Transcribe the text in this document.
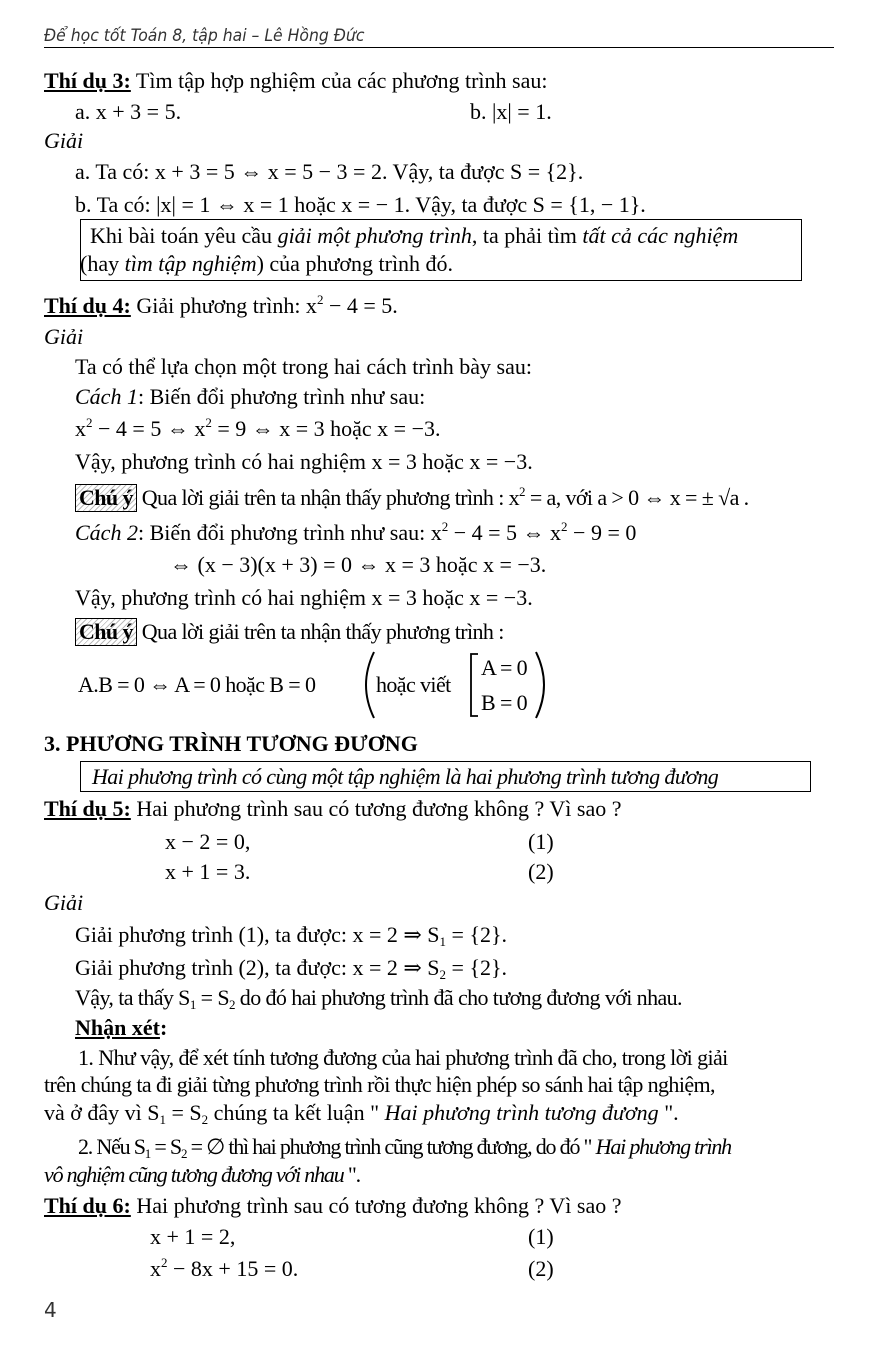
Để học tốt Toán 8, tập hai – Lê Hồng Đức
Thí dụ 3: Tìm tập hợp nghiệm của các phương trình sau:
a. x + 3 = 5.	b. |x| = 1.
Giải
a. Ta có: x + 3 = 5 ⇔ x = 5 − 3 = 2. Vậy, ta được S = {2}.
b. Ta có: |x| = 1 ⇔ x = 1 hoặc x = − 1. Vậy, ta được S = {1, − 1}.
Khi bài toán yêu cầu giải một phương trình, ta phải tìm tất cả các nghiệm
(hay tìm tập nghiệm) của phương trình đó.
Thí dụ 4: Giải phương trình: $x^2 - 4 = 5$.
Giải
Ta có thể lựa chọn một trong hai cách trình bày sau:
Cách 1: Biến đổi phương trình như sau:
$x^2 - 4 = 5$ ⇔ $x^2 = 9$ ⇔ x = 3 hoặc x = −3.
Vậy, phương trình có hai nghiệm x = 3 hoặc x = −3.
Chú ý Qua lời giải trên ta nhận thấy phương trình : $x^2 = a$, với a > 0 ⇔ x = ± √a .
Cách 2: Biến đổi phương trình như sau: $x^2 - 4 = 5$ ⇔ $x^2 - 9 = 0$
⇔ (x − 3)(x + 3) = 0 ⇔ x = 3 hoặc x = −3.
Vậy, phương trình có hai nghiệm x = 3 hoặc x = −3.
Chú ý Qua lời giải trên ta nhận thấy phương trình :
A.B = 0 ⇔ A = 0 hoặc B = 0	hoặc viết
A = 0
B = 0
3. PHƯƠNG TRÌNH TƯƠNG ĐƯƠNG
Hai phương trình có cùng một tập nghiệm là hai phương trình tương đương
Thí dụ 5: Hai phương trình sau có tương đương không ? Vì sao ?
x − 2 = 0,	(1)
x + 1 = 3.	(2)
Giải
Giải phương trình (1), ta được: x = 2 ⇒ $S_1 = \{2\}$.
Giải phương trình (2), ta được: x = 2 ⇒ $S_2 = \{2\}$.
Vậy, ta thấy $S_1 = S_2$ do đó hai phương trình đã cho tương đương với nhau.
Nhận xét:
1. Như vậy, để xét tính tương đương của hai phương trình đã cho, trong lời giải
trên chúng ta đi giải từng phương trình rồi thực hiện phép so sánh hai tập nghiệm,
và ở đây vì $S_1 = S_2$ chúng ta kết luận " Hai phương trình tương đương ".
2. Nếu $S_1 = S_2$ = ∅ thì hai phương trình cũng tương đương, do đó " Hai phương trình
vô nghiệm cũng tương đương với nhau ".
Thí dụ 6: Hai phương trình sau có tương đương không ? Vì sao ?
x + 1 = 2,	(1)
$x^2 - 8x + 15 = 0$.	(2)
4
